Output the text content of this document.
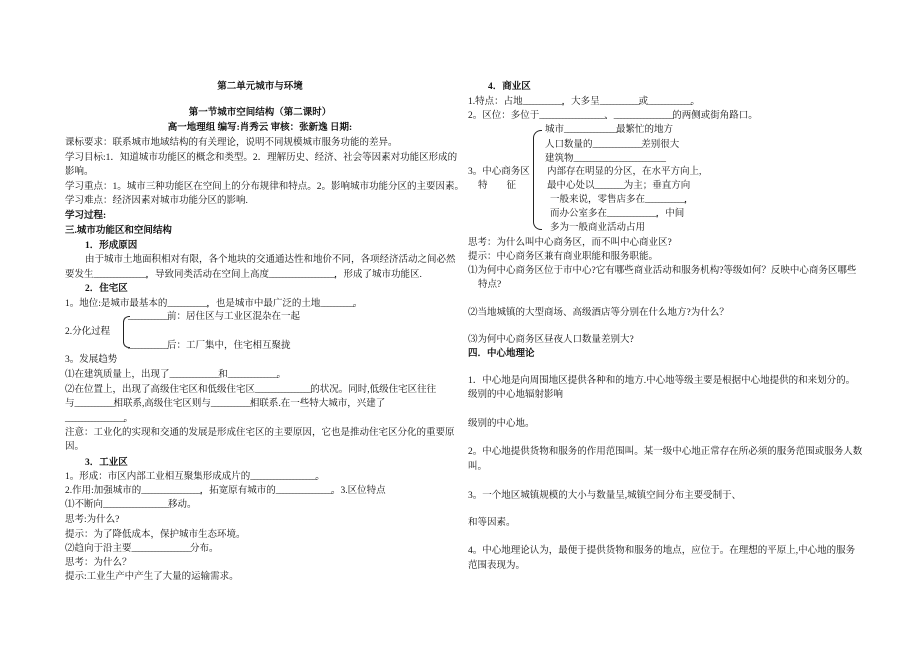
第二单元城市与环境
第一节城市空间结构（第二课时）
高一地理组 编写:肖秀云 审核：张新逸 日期:
课标要求：联系城市地域结构的有关理论，说明不同规模城市服务功能的差异。
学习目标:1．知道城市功能区的概念和类型。2．理解历史、经济、社会等因素对功能区形成的
影响。
学习重点：1。城市三种功能区在空间上的分布规律和特点。2。影响城市功能分区的主要因素。
学习难点：经济因素对城市功能分区的影响.
学习过程:
三.城市功能区和空间结构
1．形成原因
由于城市土地面积相对有限，各个地块的交通通达性和地价不同，各项经济活动之间必然
要发生________________，导致同类活动在空间上高度____________________，形成了城市功能区.
2．住宅区
1。地位:是城市最基本的____________，也是城市中最广泛的土地__________。
____________前：居住区与工业区混杂在一起
2.分化过程
____________后：工厂集中，住宅相互聚拢
3。发展趋势
⑴在建筑质量上，出现了_______________和_______________。
⑵在位置上，出现了高级住宅区和低级住宅区_________________的状况。同时,低级住宅区往往
与____________相联系,高级住宅区则与____________相联系.在一些特大城市，兴建了
__________________。
注意：工业化的实现和交通的发展是形成住宅区的主要原因，它也是推动住宅区分化的重要原
因。
3．工业区
1。形成：市区内部工业相互聚集形成成片的____________________。
2.作用:加强城市的__________________，拓宽原有城市的_________________。3.区位特点
⑴不断向____________________移动。
思考:为什么?
提示：为了降低成本，保护城市生态环境。
⑵趋向于沿主要__________________分布。
思考：为什么？
提示:工业生产中产生了大量的运输需求。
4．商业区
1.特点：占地____________，大多呈____________或_____________。
2。区位：多位于____________________、__________________的两侧或街角路口。
城市________________最繁忙的地方
人口数量的_______________差别很大
建筑物____________________________
3。中心商务区 内部存在明显的分区，在水平方向上,
特　　征	最中心处以_________为主；垂直方向
一般来说，零售店多在____________，
而办公室多在_______________，中间
多为一般商业活动占用
思考：为什么叫中心商务区，而不叫中心商业区?
提示：中心商务区兼有商业职能和服务职能。
⑴为何中心商务区位于市中心?它有哪些商业活动和服务机构?等级如何？反映中心商务区哪些
特点?
⑵当地城镇的大型商场、高级酒店等分别在什么地方?为什么？
⑶为何中心商务区昼夜人口数量差别大?
四．中心地理论
1．中心地是向周围地区提供各种和的地方.中心地等级主要是根据中心地提供的和来划分的。
级别的中心地辐射影响
级别的中心地。
2。中心地提供货物和服务的作用范围叫。某一级中心地正常存在所必须的服务范围或服务人数
叫。
3。一个地区城镇规模的大小与数量呈,城镇空间分布主要受制于、
和等因素。
4。中心地理论认为，最便于提供货物和服务的地点，应位于。在理想的平原上,中心地的服务
范围表现为。
